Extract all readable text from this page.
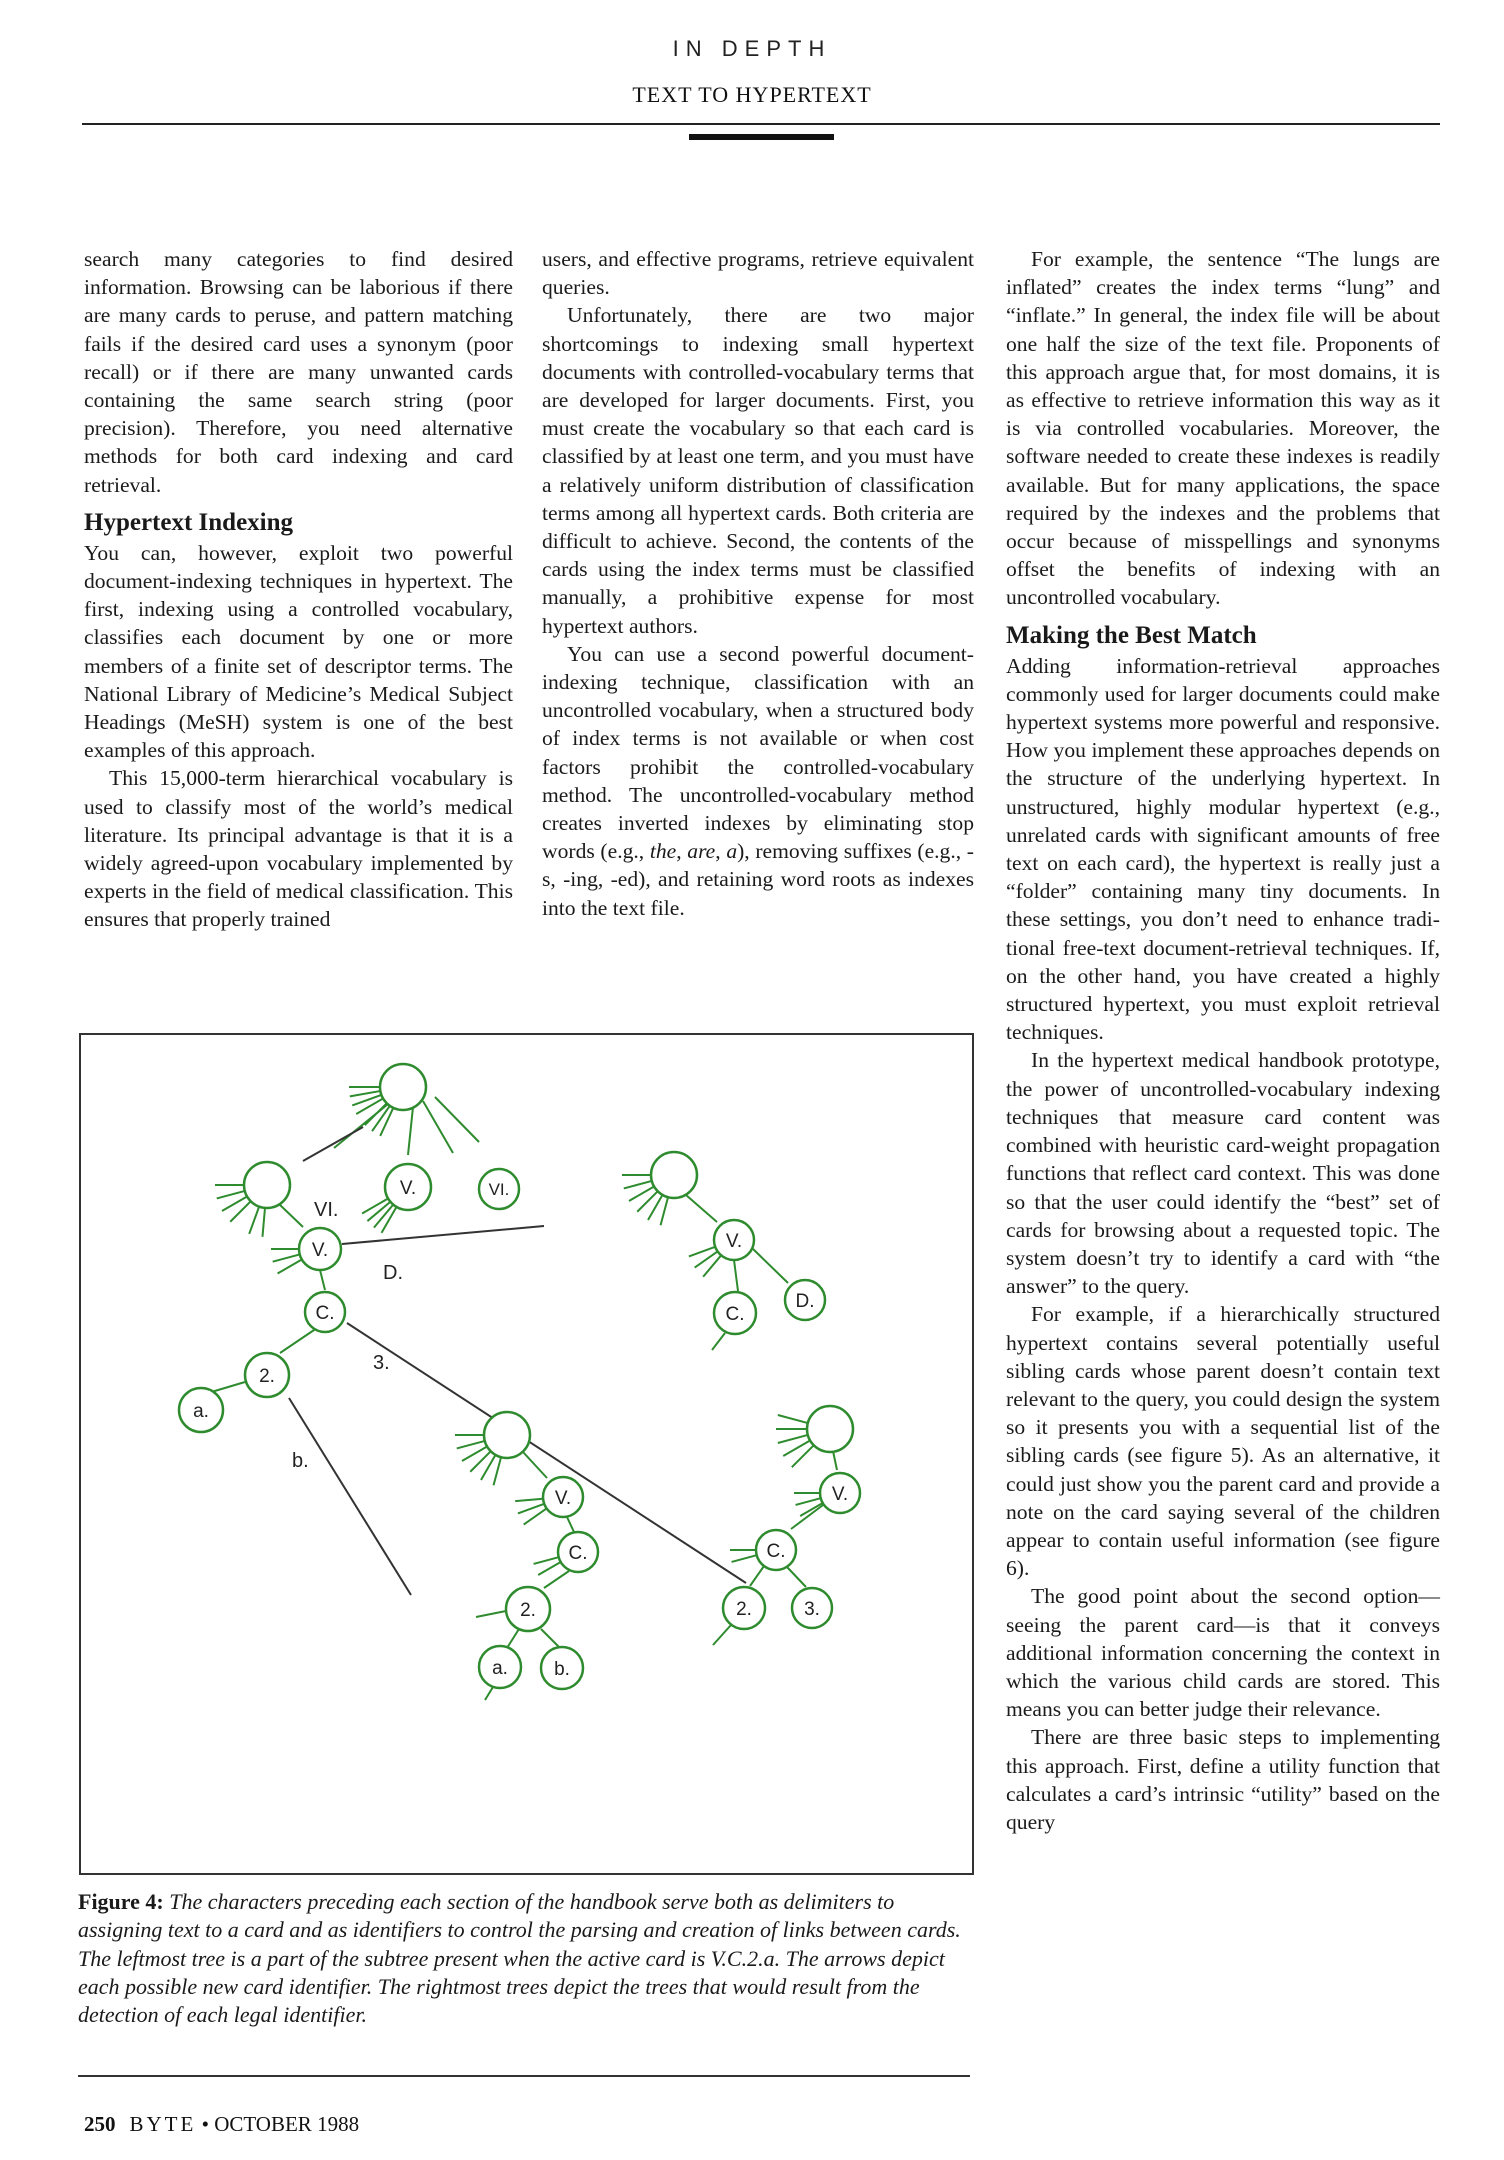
IN DEPTH
TEXT TO HYPERTEXT

search many categories to find desired information. Browsing can be laborious if there are many cards to peruse, and pattern matching fails if the desired card uses a synonym (poor recall) or if there are many unwanted cards containing the same search string (poor precision). Therefore, you need alternative methods for both card indexing and card retrieval.

Hypertext Indexing

You can, however, exploit two powerful document-indexing techniques in hypertext. The first, indexing using a controlled vocabulary, classifies each document by one or more members of a finite set of descriptor terms. The National Library of Medicine’s Medical Subject Headings (MeSH) system is one of the best examples of this approach.

This 15,000-term hierarchical vocabulary is used to classify most of the world’s medical literature. Its principal advantage is that it is a widely agreed-upon vocabulary implemented by experts in the field of medical classification. This ensures that properly trained

users, and effective programs, retrieve equivalent queries.

Unfortunately, there are two major shortcomings to indexing small hypertext documents with controlled-vocabulary terms that are developed for larger documents. First, you must create the vocabulary so that each card is classified by at least one term, and you must have a relatively uniform distribution of classification terms among all hypertext cards. Both criteria are difficult to achieve. Second, the contents of the cards using the index terms must be classified manually, a prohibitive expense for most hypertext authors.

You can use a second powerful document-indexing technique, classification with an uncontrolled vocabulary, when a structured body of index terms is not available or when cost factors prohibit the controlled-vocabulary method. The uncontrolled-vocabulary method creates inverted indexes by eliminating stop words (e.g., the, are, a), removing suffixes (e.g., -s, -ing, -ed), and retaining word roots as indexes into the text file.

For example, the sentence “The lungs are inflated” creates the index terms “lung” and “inflate.” In general, the index file will be about one half the size of the text file. Proponents of this approach argue that, for most domains, it is as effective to retrieve information this way as it is via controlled vocabularies. Moreover, the software needed to create these indexes is readily available. But for many applications, the space required by the indexes and the problems that occur because of misspellings and synonyms offset the benefits of indexing with an uncontrolled vocabulary.

Making the Best Match

Adding information-retrieval approaches commonly used for larger documents could make hypertext systems more powerful and responsive. How you implement these approaches depends on the structure of the underlying hypertext. In unstructured, highly modular hypertext (e.g., unrelated cards with significant amounts of free text on each card), the hypertext is really just a “folder” containing many tiny documents. In these settings, you don’t need to enhance traditional free-text document-retrieval techniques. If, on the other hand, you have created a highly structured hypertext, you must exploit retrieval techniques.

In the hypertext medical handbook prototype, the power of uncontrolled-vocabulary indexing techniques that measure card content was combined with heuristic card-weight propagation functions that reflect card context. This was done so that the user could identify the “best” set of cards for browsing about a requested topic. The system doesn’t try to identify a card with “the answer” to the query.

For example, if a hierarchically structured hypertext contains several potentially useful sibling cards whose parent doesn’t contain text relevant to the query, you could design the system so it presents you with a sequential list of the sibling cards (see figure 5). As an alternative, it could just show you the parent card and provide a note on the card saying several of the children appear to contain useful information (see figure 6).

The good point about the second option—seeing the parent card—is that it conveys additional information concerning the context in which the various child cards are stored. This means you can better judge their relevance.

There are three basic steps to implementing this approach. First, define a utility function that calculates a card’s intrinsic “utility” based on the query

V.	VI.
VI.
V.
D.
C.
3.
2.
a.
b.
V.
C.
D.
V.
C.
2.
a. b.
V.
C.
2.	3.
Figure 4: The characters preceding each section of the handbook serve both as delimiters to assigning text to a card and as identifiers to control the parsing and creation of links between cards. The leftmost tree is a part of the subtree present when the active card is V.C.2.a. The arrows depict each possible new card identifier. The rightmost trees depict the trees that would result from the detection of each legal identifier.
250 BYTE • OCTOBER 1988
